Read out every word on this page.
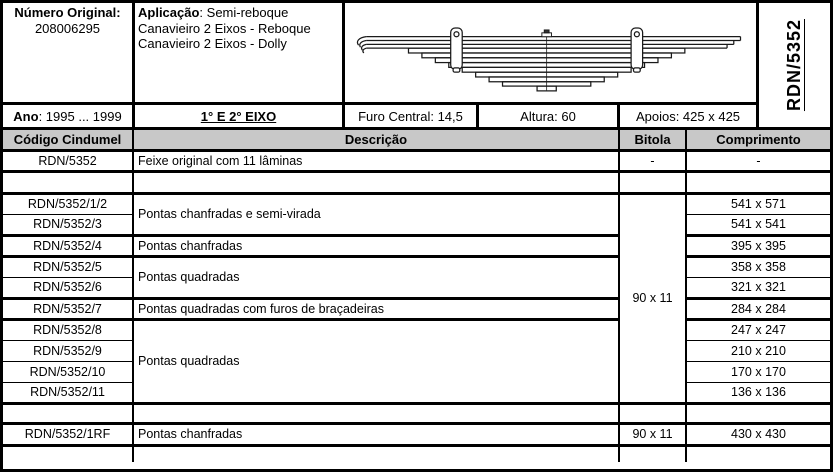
Número Original:
208006295
Aplicação: Semi-reboque
Canavieiro 2 Eixos - Reboque
Canavieiro 2 Eixos - Dolly	RDN/5352
Ano: 1995 ... 1999	1° E 2° EIXO	Furo Central: 14,5	Altura: 60	Apoios: 425 x 425
Código Cindumel	Descrição	Bitola	Comprimento
RDN/5352	Feixe original com 11 lâminas	-	-

RDN/5352/1/2	Pontas chanfradas e semi-virada	90 x 11	541 x 571
RDN/5352/3			541 x 541
RDN/5352/4	Pontas chanfradas		395 x 395
RDN/5352/5	Pontas quadradas		358 x 358
RDN/5352/6			321 x 321
RDN/5352/7	Pontas quadradas com furos de braçadeiras		284 x 284
RDN/5352/8	Pontas quadradas		247 x 247
RDN/5352/9			210 x 210
RDN/5352/10			170 x 170
RDN/5352/11			136 x 136

RDN/5352/1RF	Pontas chanfradas	90 x 11	430 x 430
